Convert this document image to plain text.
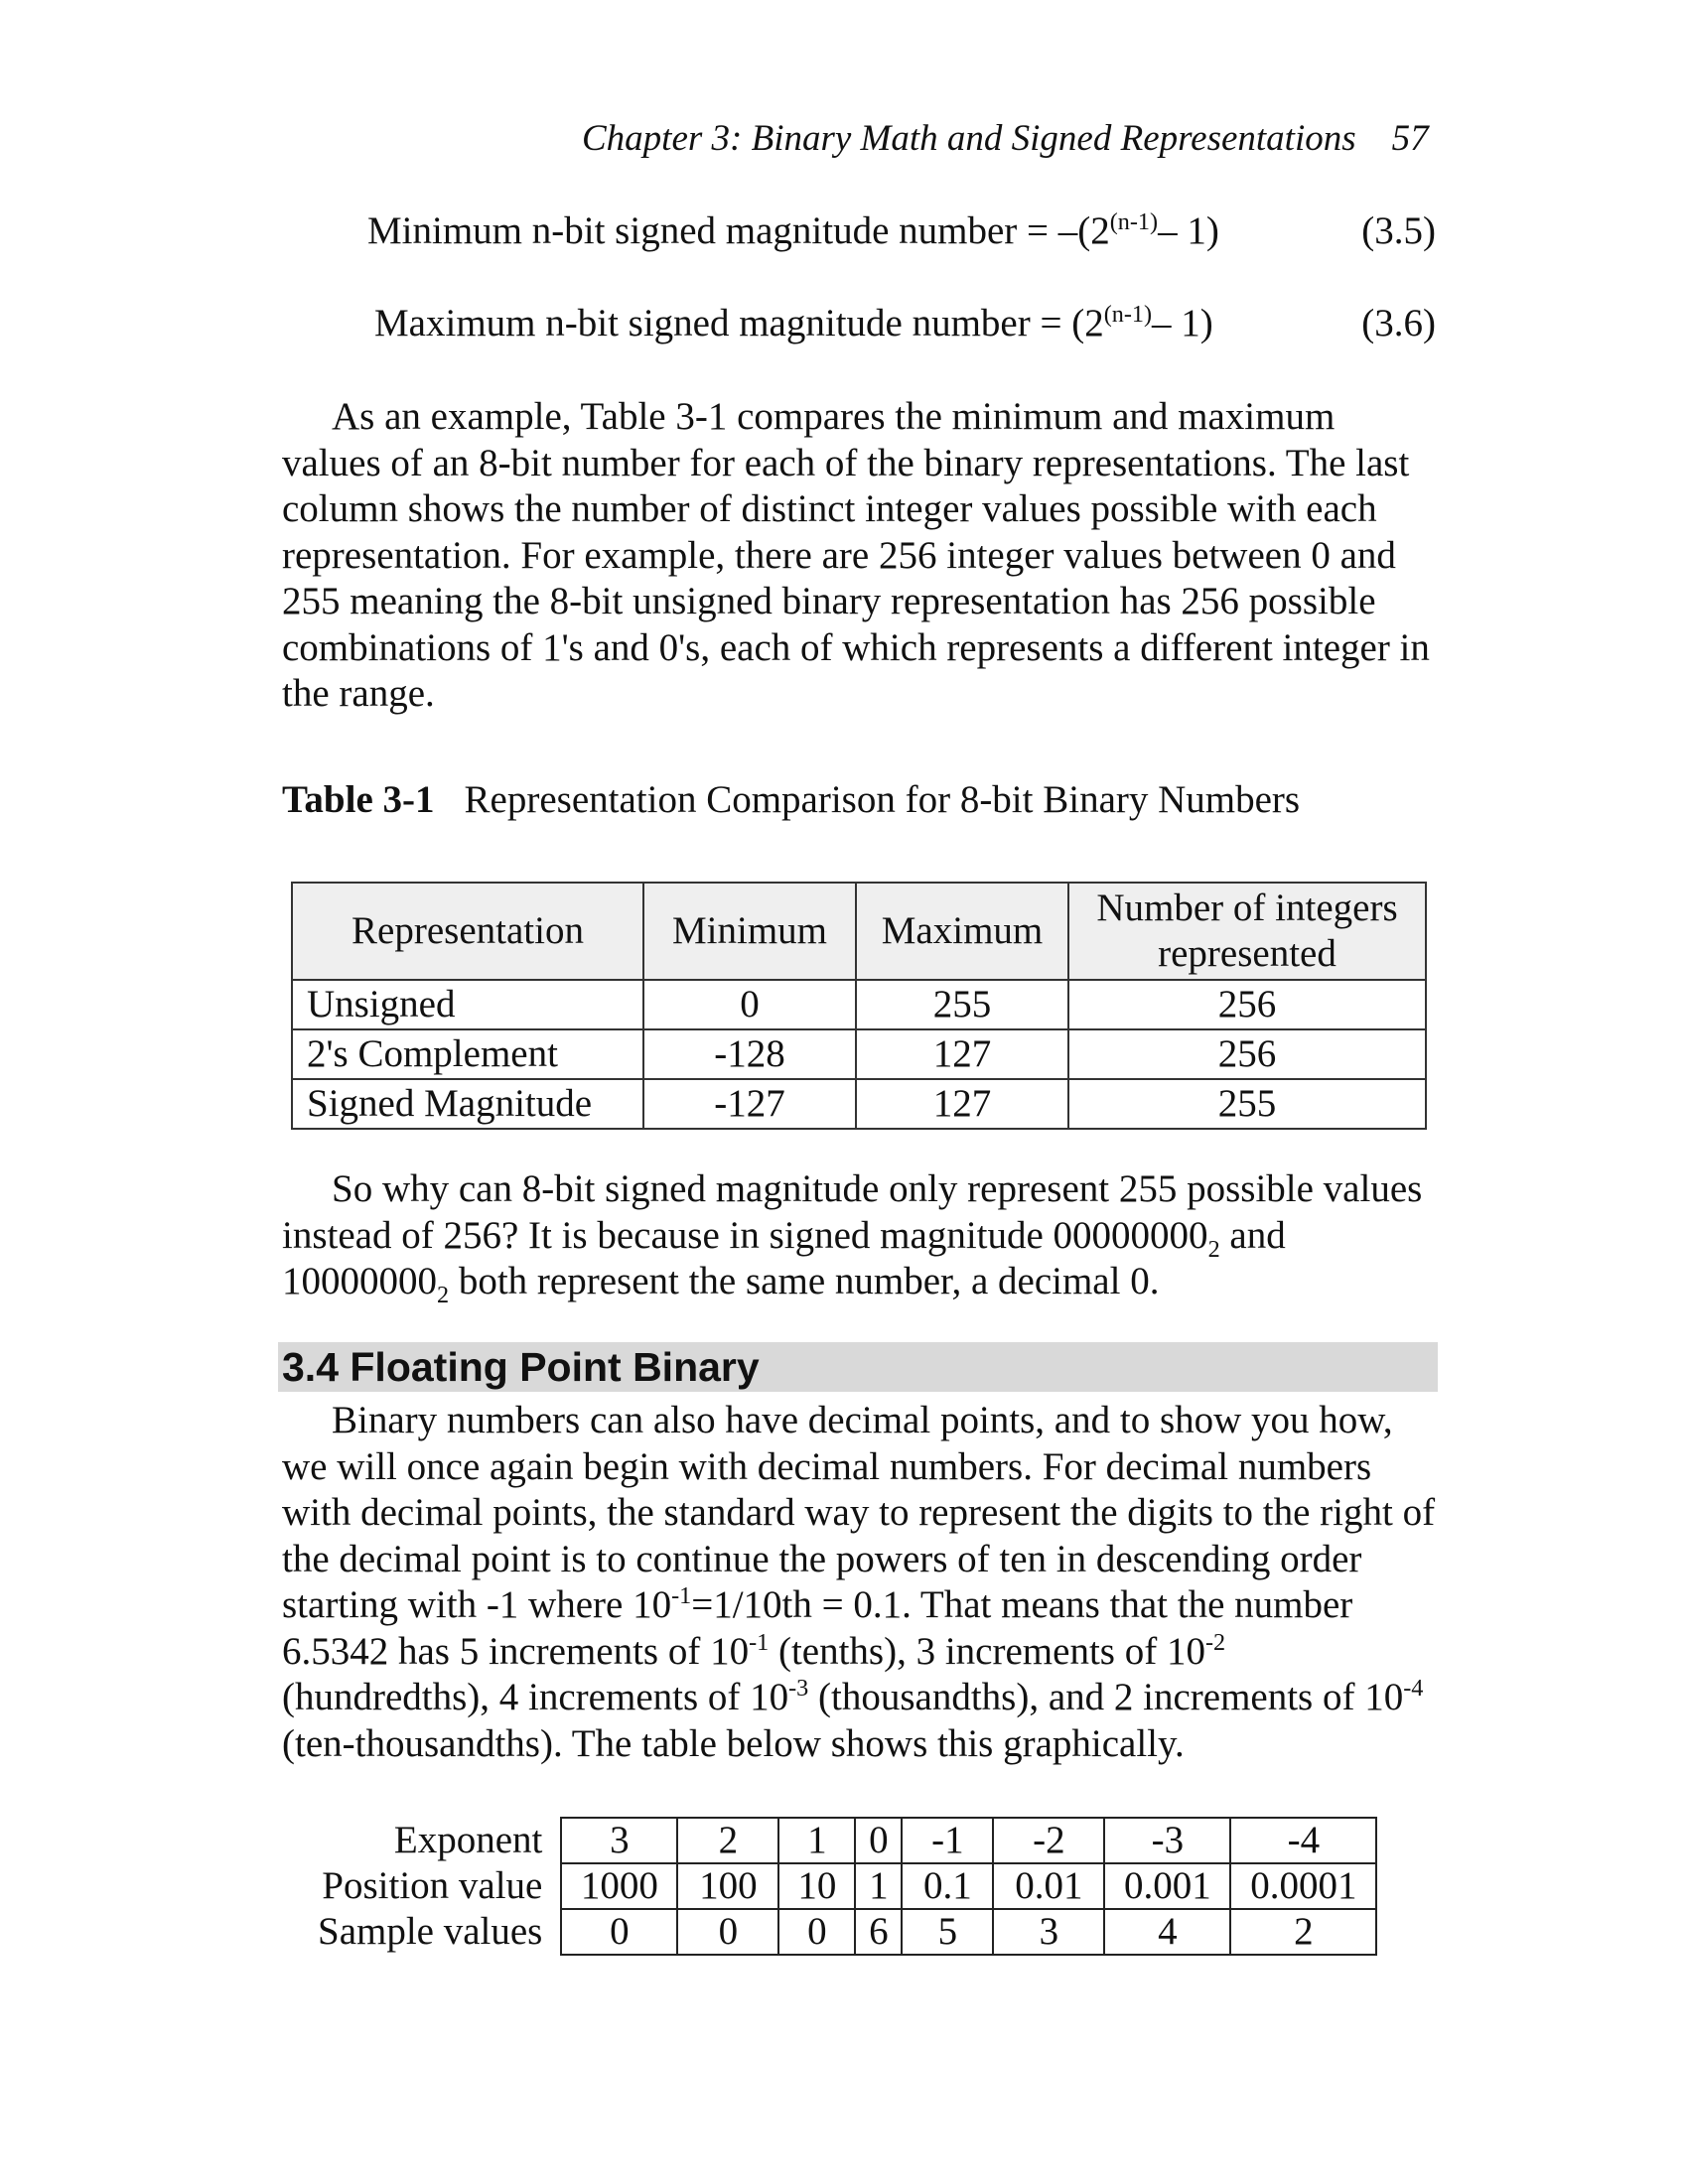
Chapter 3: Binary Math and Signed Representations 57
Minimum n-bit signed magnitude number = $-(2^{(n-1)}-$ 1)	(3.5)
Maximum n-bit signed magnitude number = ($2^{(n-1)}-$ 1)	(3.6)

As an example, Table 3-1 compares the minimum and maximum values of an 8-bit number for each of the binary representations. The last column shows the number of distinct integer values possible with each representation. For example, there are 256 integer values between 0 and 255 meaning the 8-bit unsigned binary representation has 256 possible combinations of 1's and 0's, each of which represents a different integer in the range.

Table 3-1 Representation Comparison for 8-bit Binary Numbers
Representation	Minimum	Maximum	Number of integers represented
Unsigned	0	255	256
2's Complement	-128	127	256
Signed Magnitude	-127	127	255

So why can 8-bit signed magnitude only represent 255 possible values instead of 256? It is because in signed magnitude $00000000_2$ and $10000000_2$ both represent the same number, a decimal 0.

3.4 Floating Point Binary

Binary numbers can also have decimal points, and to show you how, we will once again begin with decimal numbers. For decimal numbers with decimal points, the standard way to represent the digits to the right of the decimal point is to continue the powers of ten in descending order starting with -1 where $10^{-1}=1/10th = 0.1$. That means that the number 6.5342 has 5 increments of $10^{-1}$ (tenths), 3 increments of $10^{-2}$ (hundredths), 4 increments of $10^{-3}$ (thousandths), and 2 increments of $10^{-4}$ (ten-thousandths). The table below shows this graphically.

Exponent	3	2	1	0	-1	-2	-3	-4
Position value	1000	100	10	1	0.1	0.01	0.001	0.0001
Sample values	0	0	0	6	5	3	4	2
